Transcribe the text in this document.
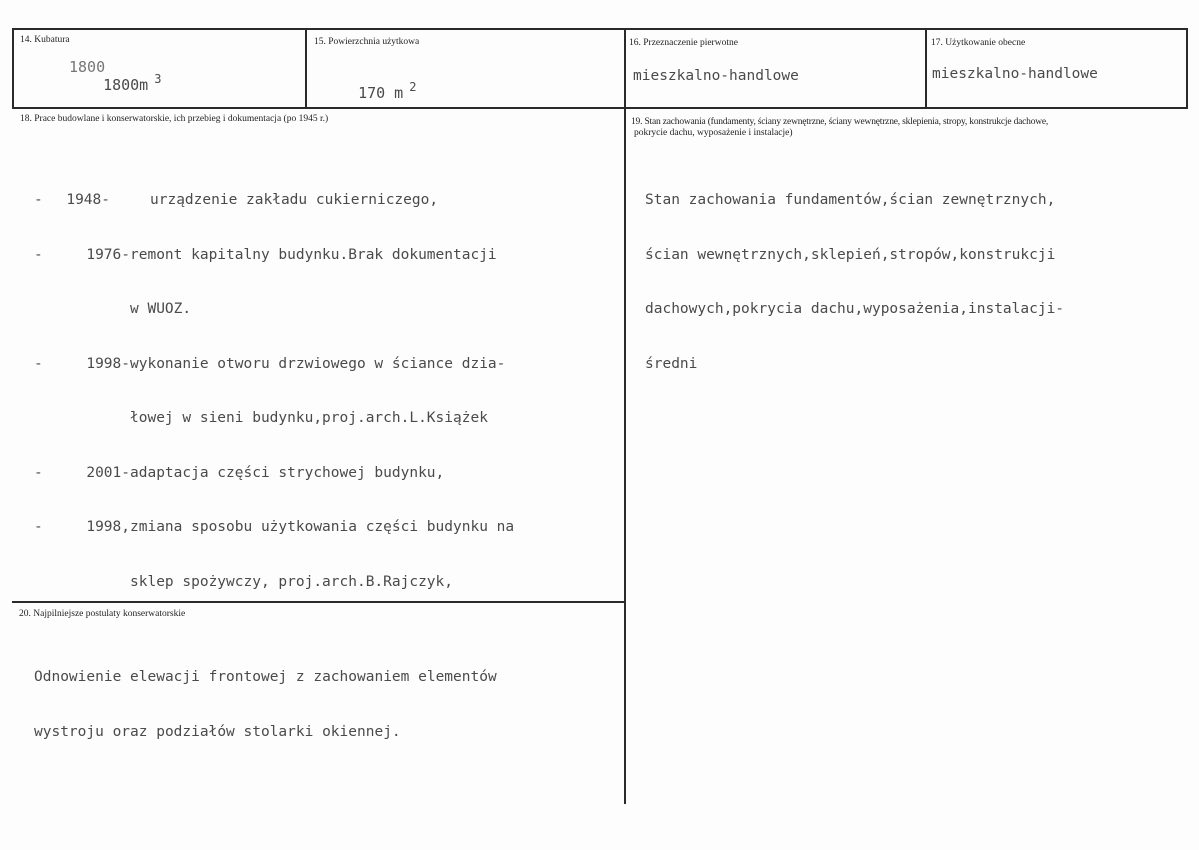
14. Kubatura

1800
1800m $^3$

15. Powierzchnia użytkowa

170 m $^2$

16. Przeznaczenie pierwotne
mieszkalno-handlowe
17. Użytkowanie obecne
mieszkalno-handlowe
18. Prace budowlane i konserwatorskie, ich przebieg i dokumentacja (po 1945 r.)

- 1948-	urządzenie zakładu cukierniczego,

-	1976-remont kapitalny budynku.Brak dokumentacji

w WUOZ.

-	1998-wykonanie otworu drzwiowego w ściance dzia-

łowej w sieni budynku,proj.arch.L.Książek

-	2001-adaptacja części strychowej budynku,

-	1998,zmiana sposobu użytkowania części budynku na

sklep spożywczy, proj.arch.B.Rajczyk,

19. Stan zachowania (fundamenty, ściany zewnętrzne, ściany wewnętrzne, sklepienia, stropy, konstrukcje dachowe,
pokrycie dachu, wyposażenie i instalacje)

Stan zachowania fundamentów,ścian zewnętrznych,

ścian wewnętrznych,sklepień,stropów,konstrukcji

dachowych,pokrycia dachu,wyposażenia,instalacji-

średni

20. Najpilniejsze postulaty konserwatorskie

Odnowienie elewacji frontowej z zachowaniem elementów

wystroju oraz podziałów stolarki okiennej.
